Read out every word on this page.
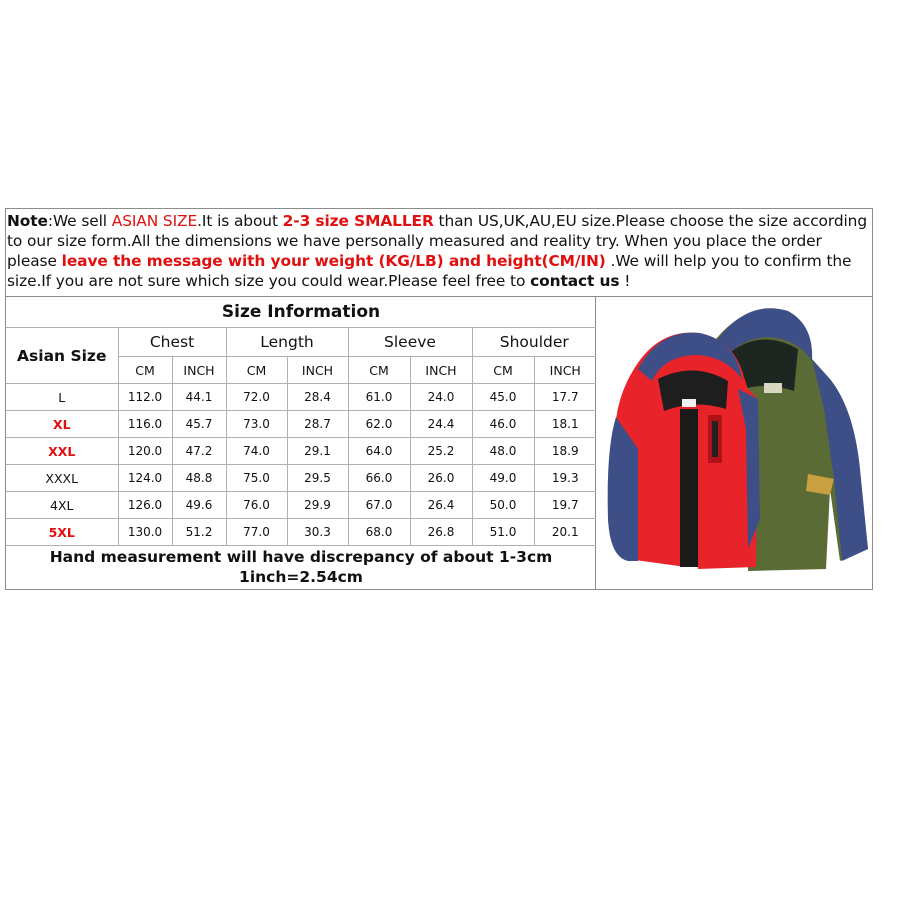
Note:We sell ASIAN SIZE.It is about 2-3 size SMALLER than US,UK,AU,EU size.Please choose the size according to our size form.All the dimensions we have personally measured and reality try. When you place the order please leave the message with your weight (KG/LB) and height(CM/IN) .We will help you to confirm the size.If you are not sure which size you could wear.Please feel free to contact us !
Size Information								
Asian Size	Chest		Length		Sleeve		Shoulder	
	CM	INCH	CM	INCH	CM	INCH	CM	INCH
L	112.0	44.1	72.0	28.4	61.0	24.0	45.0	17.7
XL	116.0	45.7	73.0	28.7	62.0	24.4	46.0	18.1
XXL	120.0	47.2	74.0	29.1	64.0	25.2	48.0	18.9
XXXL	124.0	48.8	75.0	29.5	66.0	26.0	49.0	19.3
4XL	126.0	49.6	76.0	29.9	67.0	26.4	50.0	19.7
5XL	130.0	51.2	77.0	30.3	68.0	26.8	51.0	20.1
Hand measurement will have discrepancy of about 1-3cm
1inch=2.54cm
